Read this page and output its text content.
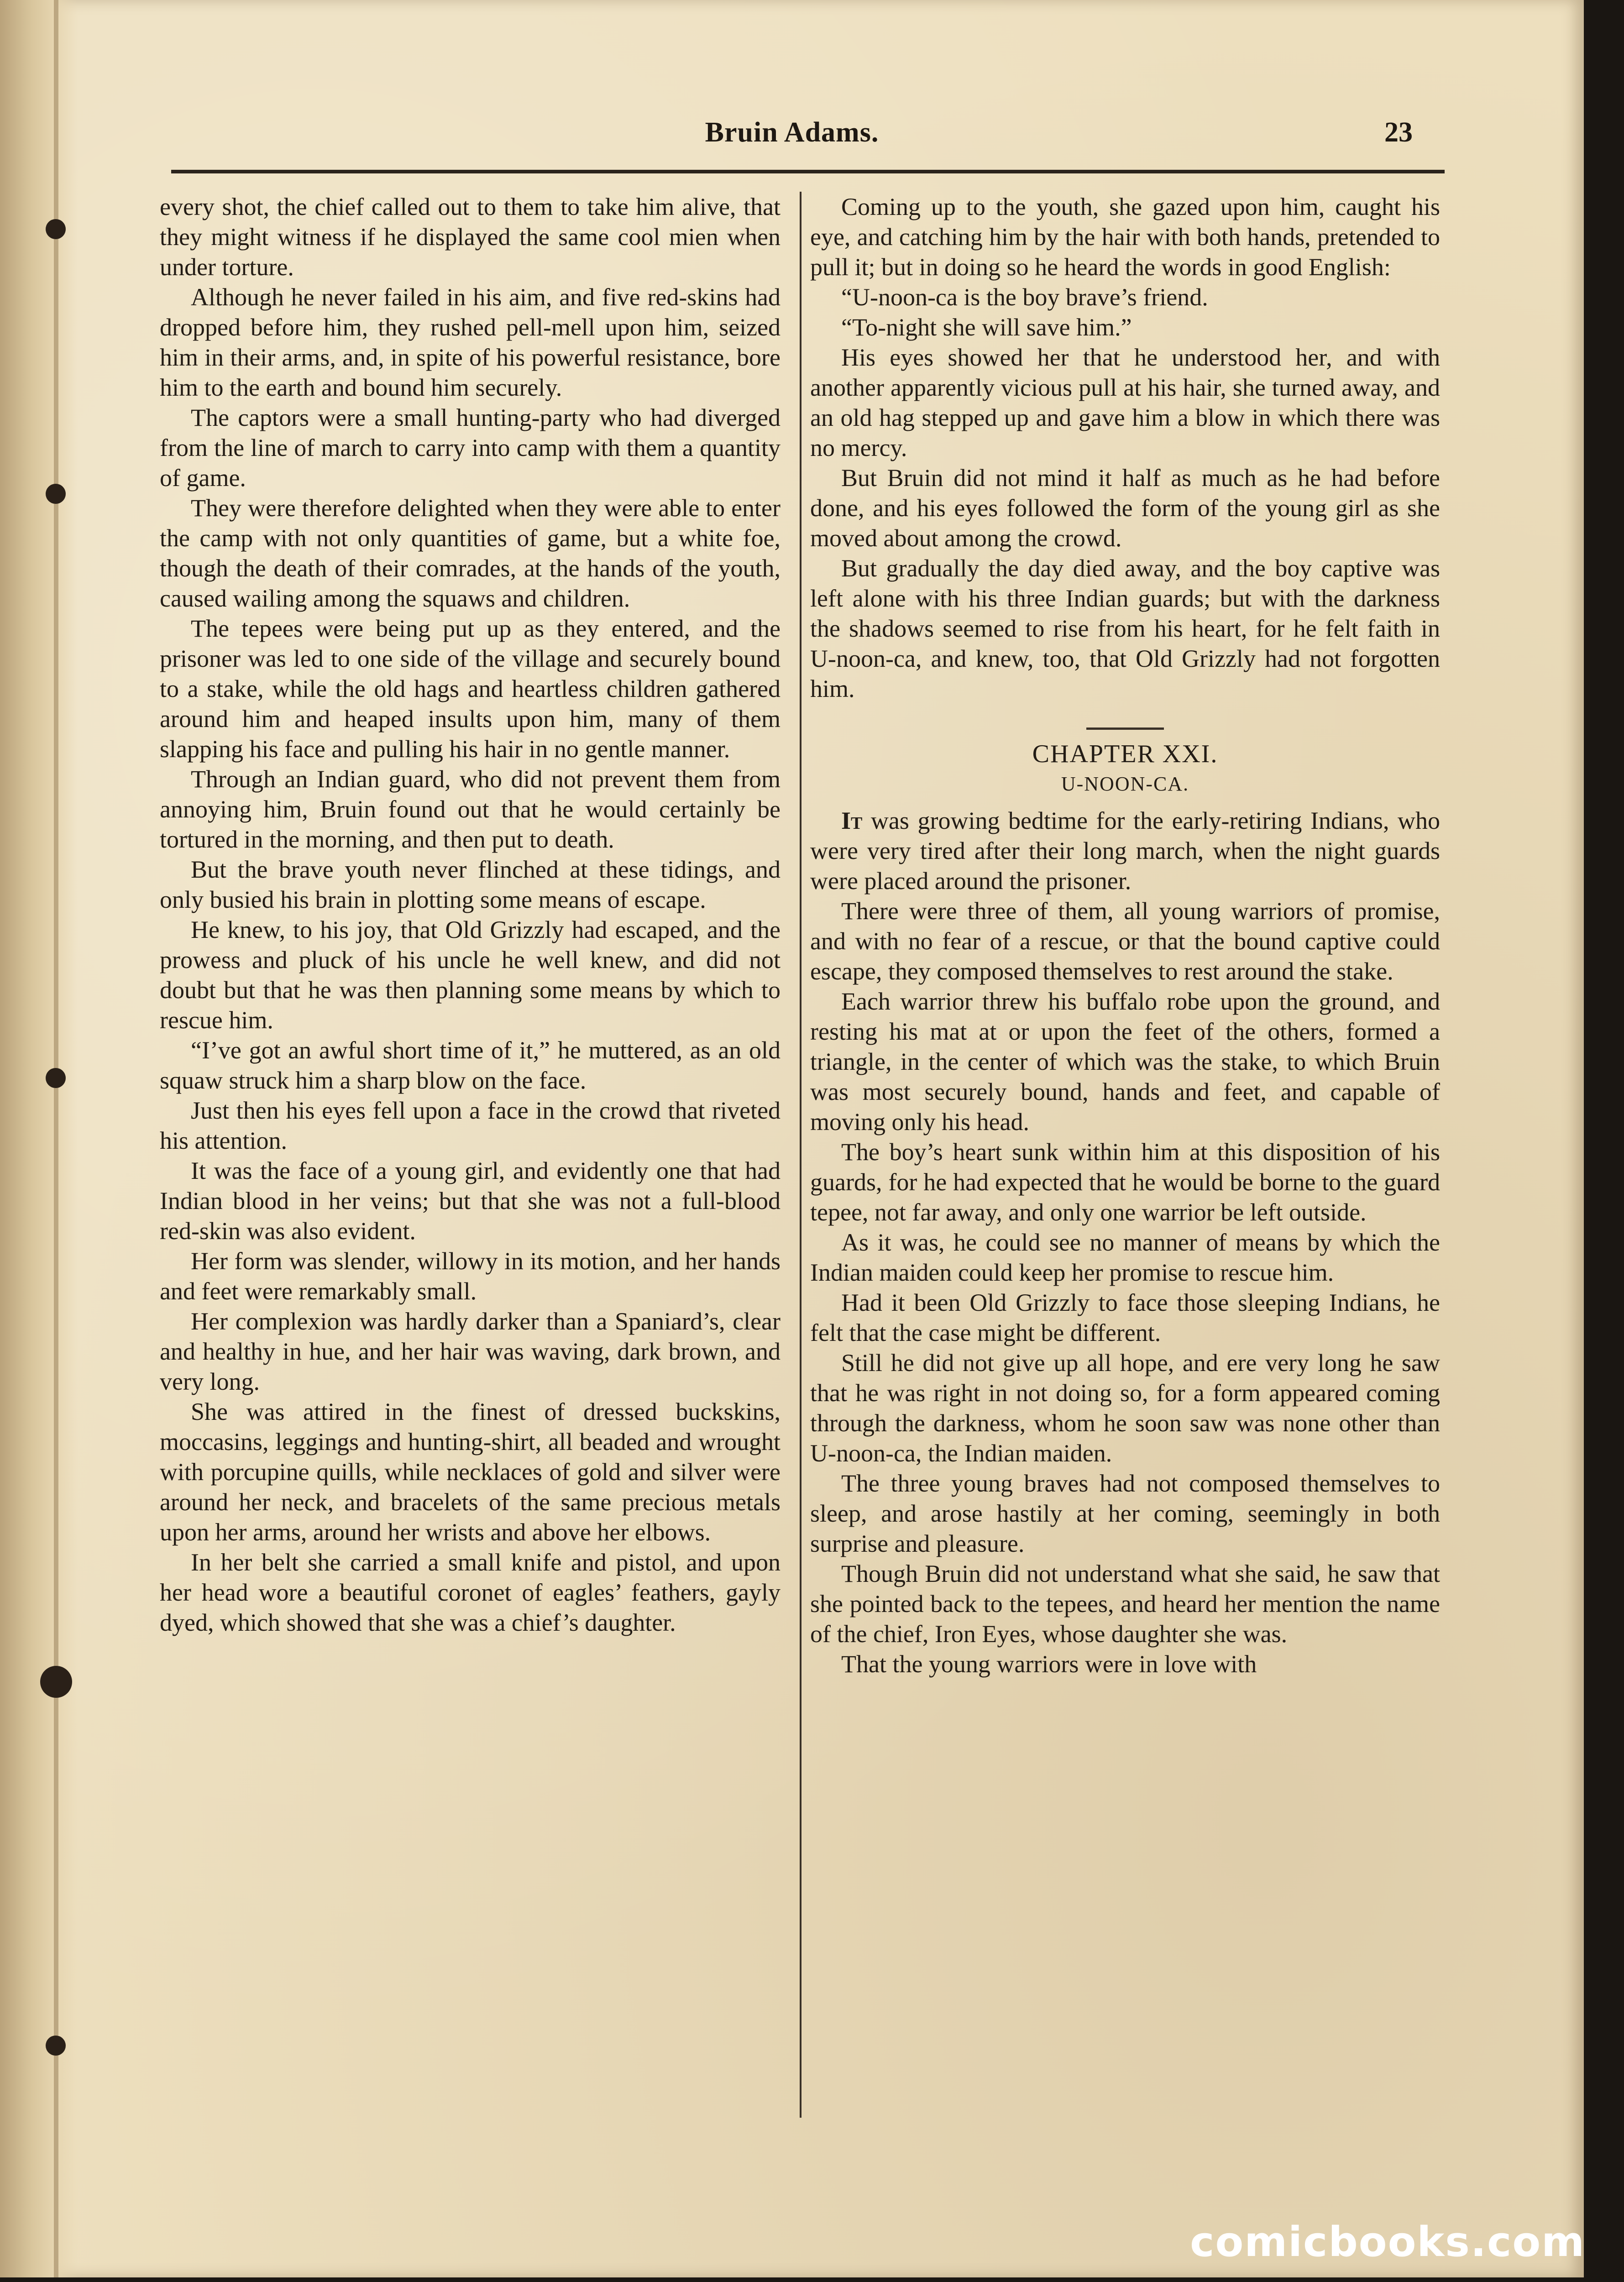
Bruin Adams.	23

every shot, the chief called out to them to take him alive, that they might witness if he displayed the same cool mien when under torture.

Although he never failed in his aim, and five red-skins had dropped before him, they rushed pell-mell upon him, seized him in their arms, and, in spite of his powerful resistance, bore him to the earth and bound him securely.

The captors were a small hunting-party who had diverged from the line of march to carry into camp with them a quantity of game.

They were therefore delighted when they were able to enter the camp with not only quantities of game, but a white foe, though the death of their comrades, at the hands of the youth, caused wailing among the squaws and children.

The tepees were being put up as they entered, and the prisoner was led to one side of the village and securely bound to a stake, while the old hags and heartless children gathered around him and heaped insults upon him, many of them slapping his face and pulling his hair in no gentle manner.

Through an Indian guard, who did not prevent them from annoying him, Bruin found out that he would certainly be tortured in the morning, and then put to death.

But the brave youth never flinched at these tidings, and only busied his brain in plotting some means of escape.

He knew, to his joy, that Old Grizzly had escaped, and the prowess and pluck of his uncle he well knew, and did not doubt but that he was then planning some means by which to rescue him.

“I’ve got an awful short time of it,” he muttered, as an old squaw struck him a sharp blow on the face.

Just then his eyes fell upon a face in the crowd that riveted his attention.

It was the face of a young girl, and evidently one that had Indian blood in her veins; but that she was not a full-blood red-skin was also evident.

Her form was slender, willowy in its motion, and her hands and feet were remarkably small.

Her complexion was hardly darker than a Spaniard’s, clear and healthy in hue, and her hair was waving, dark brown, and very long.

She was attired in the finest of dressed buckskins, moccasins, leggings and hunting-shirt, all beaded and wrought with porcupine quills, while necklaces of gold and silver were around her neck, and bracelets of the same precious metals upon her arms, around her wrists and above her elbows.

In her belt she carried a small knife and pistol, and upon her head wore a beautiful coronet of eagles’ feathers, gayly dyed, which showed that she was a chief’s daughter.

Coming up to the youth, she gazed upon him, caught his eye, and catching him by the hair with both hands, pretended to pull it; but in doing so he heard the words in good English:

“U-noon-ca is the boy brave’s friend.

“To-night she will save him.”

His eyes showed her that he understood her, and with another apparently vicious pull at his hair, she turned away, and an old hag stepped up and gave him a blow in which there was no mercy.

But Bruin did not mind it half as much as he had before done, and his eyes followed the form of the young girl as she moved about among the crowd.

But gradually the day died away, and the boy captive was left alone with his three Indian guards; but with the darkness the shadows seemed to rise from his heart, for he felt faith in U-noon-ca, and knew, too, that Old Grizzly had not forgotten him.

CHAPTER XXI.
U-NOON-CA.

It was growing bedtime for the early-retiring Indians, who were very tired after their long march, when the night guards were placed around the prisoner.

There were three of them, all young warriors of promise, and with no fear of a rescue, or that the bound captive could escape, they composed themselves to rest around the stake.

Each warrior threw his buffalo robe upon the ground, and resting his mat at or upon the feet of the others, formed a triangle, in the center of which was the stake, to which Bruin was most securely bound, hands and feet, and capable of moving only his head.

The boy’s heart sunk within him at this disposition of his guards, for he had expected that he would be borne to the guard tepee, not far away, and only one warrior be left outside.

As it was, he could see no manner of means by which the Indian maiden could keep her promise to rescue him.

Had it been Old Grizzly to face those sleeping Indians, he felt that the case might be different.

Still he did not give up all hope, and ere very long he saw that he was right in not doing so, for a form appeared coming through the darkness, whom he soon saw was none other than U-noon-ca, the Indian maiden.

The three young braves had not composed themselves to sleep, and arose hastily at her coming, seemingly in both surprise and pleasure.

Though Bruin did not understand what she said, he saw that she pointed back to the tepees, and heard her mention the name of the chief, Iron Eyes, whose daughter she was.

That the young warriors were in love with

comicbooks.com
